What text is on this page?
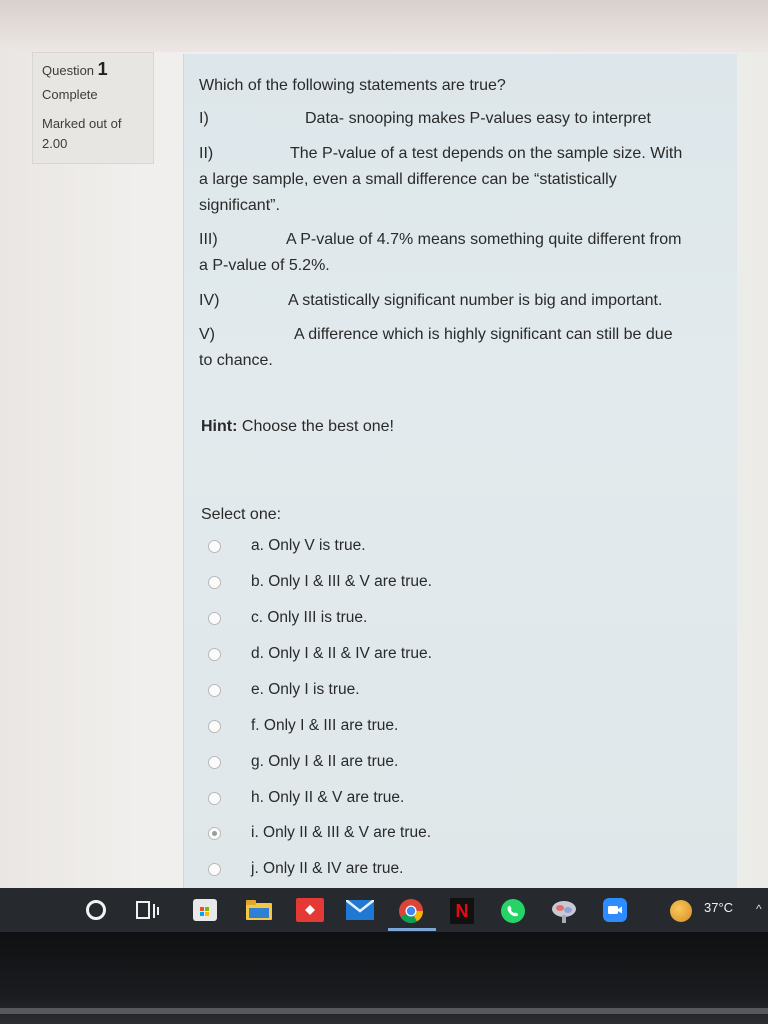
Question 1
Complete
Marked out of
2.00
Which of the following statements are true?
I)	Data- snooping makes P-values easy to interpret
II)	The P-value of a test depends on the sample size. With
a large sample, even a small difference can be “statistically significant”.
III)	A P-value of 4.7% means something quite different from
a P-value of 5.2%.
IV)	A statistically significant number is big and important.
V)	A difference which is highly significant can still be due
to chance.
Hint: Choose the best one!
Select one:
a. Only V is true.
b. Only I & III & V are true.
c. Only III is true.
d. Only I & II & IV are true.
e. Only I is true.
f. Only I & III are true.
g. Only I & II are true.
h. Only II & V are true.
i. Only II & III & V are true.
j. Only II & IV are true.
N	37°C ^
